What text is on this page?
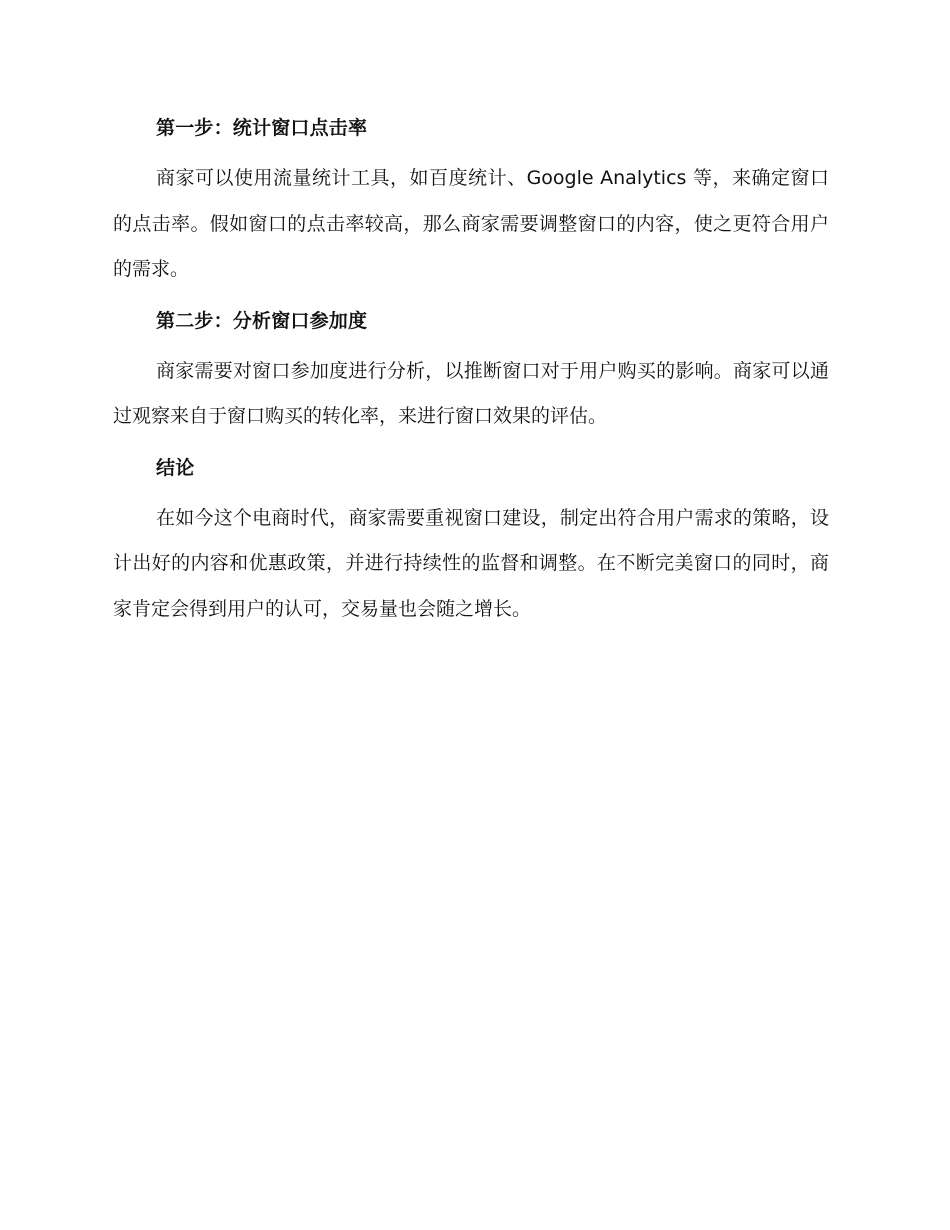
第一步：统计窗口点击率

商家可以使用流量统计工具，如百度统计、Google Analytics 等，来确定窗口的点击率。假如窗口的点击率较高，那么商家需要调整窗口的内容，使之更符合用户的需求。

第二步：分析窗口参加度

商家需要对窗口参加度进行分析，以推断窗口对于用户购买的影响。商家可以通过观察来自于窗口购买的转化率，来进行窗口效果的评估。

结论

在如今这个电商时代，商家需要重视窗口建设，制定出符合用户需求的策略，设计出好的内容和优惠政策，并进行持续性的监督和调整。在不断完美窗口的同时，商家肯定会得到用户的认可，交易量也会随之增长。
